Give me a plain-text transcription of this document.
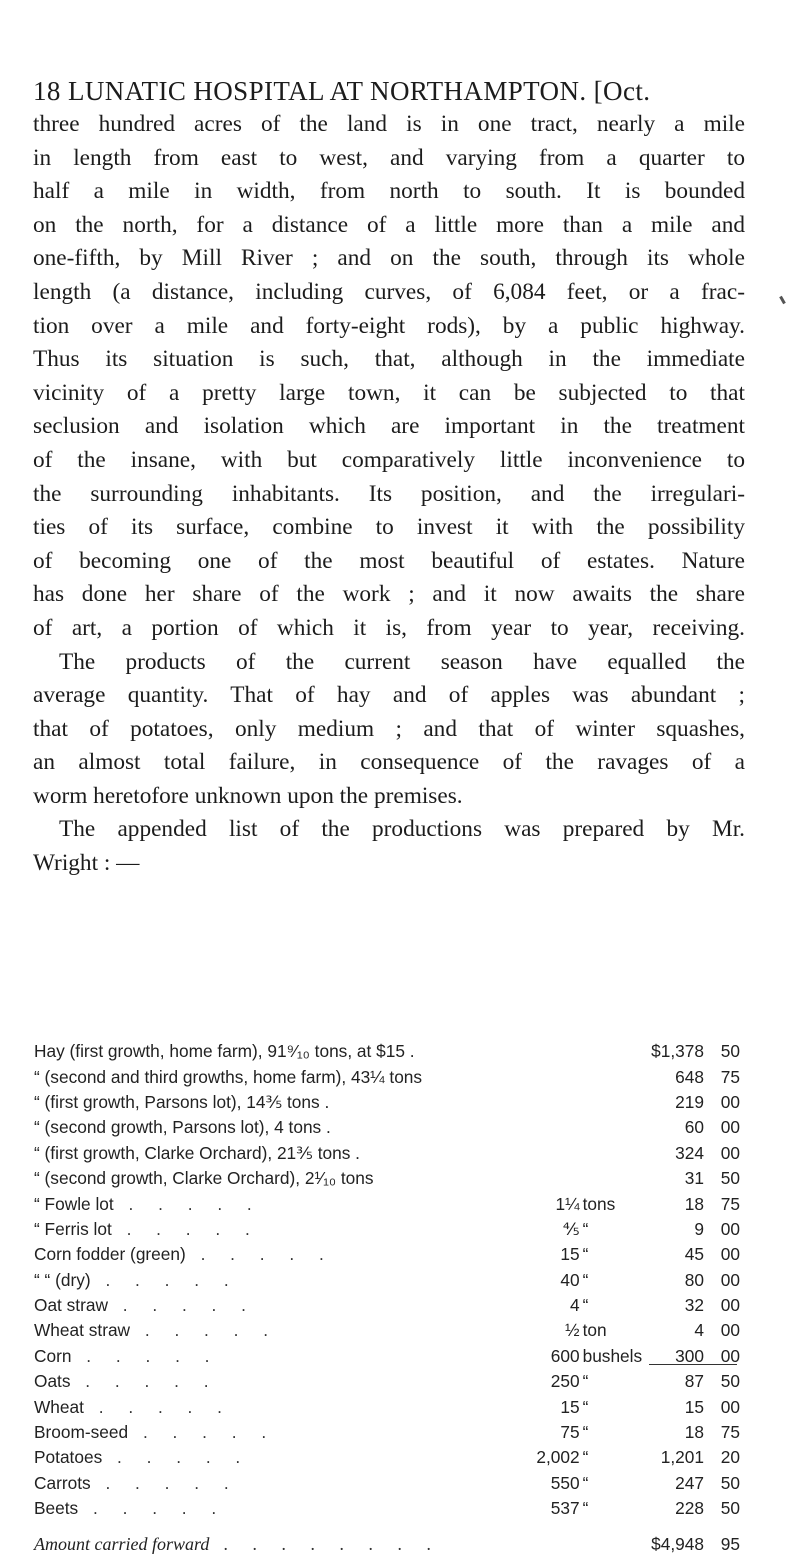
18 LUNATIC HOSPITAL AT NORTHAMPTON. [Oct.
three hundred acres of the land is in one tract, nearly a mile
in length from east to west, and varying from a quarter to
half a mile in width, from north to south. It is bounded
on the north, for a distance of a little more than a mile and
one-fifth, by Mill River ; and on the south, through its whole
length (a distance, including curves, of 6,084 feet, or a frac-
tion over a mile and forty-eight rods), by a public highway.
Thus its situation is such, that, although in the immediate
vicinity of a pretty large town, it can be subjected to that
seclusion and isolation which are important in the treatment
of the insane, with but comparatively little inconvenience to
the surrounding inhabitants. Its position, and the irregulari-
ties of its surface, combine to invest it with the possibility
of becoming one of the most beautiful of estates. Nature
has done her share of the work ; and it now awaits the share
of art, a portion of which it is, from year to year, receiving.
The products of the current season have equalled the
average quantity. That of hay and of apples was abundant ;
that of potatoes, only medium ; and that of winter squashes,
an almost total failure, in consequence of the ravages of a
worm heretofore unknown upon the premises.
The appended list of the productions was prepared by Mr.
Wright : —
Hay (first growth, home farm), 91⁹⁄₁₀ tons, at $15 .			$1,378	50
“ (second and third growths, home farm), 43¼ tons			648	75
“ (first growth, Parsons lot), 14⅗ tons .			219	00
“ (second growth, Parsons lot), 4 tons .			60	00
“ (first growth, Clarke Orchard), 21⅗ tons .			324	00
“ (second growth, Clarke Orchard), 2¹⁄₁₀ tons			31	50
“ Fowle lot . . . . .	1¼	tons	18	75
“ Ferris lot . . . . .	⅘	“	9	00
Corn fodder (green) . . . . .	15	“	45	00
“ “ (dry) . . . . .	40	“	80	00
Oat straw . . . . .	4	“	32	00
Wheat straw . . . . .	½	ton	4	00
Corn . . . . .	600	bushels	300	00
Oats . . . . .	250	“	87	50
Wheat . . . . .	15	“	15	00
Broom-seed . . . . .	75	“	18	75
Potatoes . . . . .	2,002	“	1,201	20
Carrots . . . . .	550	“	247	50
Beets . . . . .	537	“	228	50
Amount carried forward . . . . . . . .			$4,948	95
